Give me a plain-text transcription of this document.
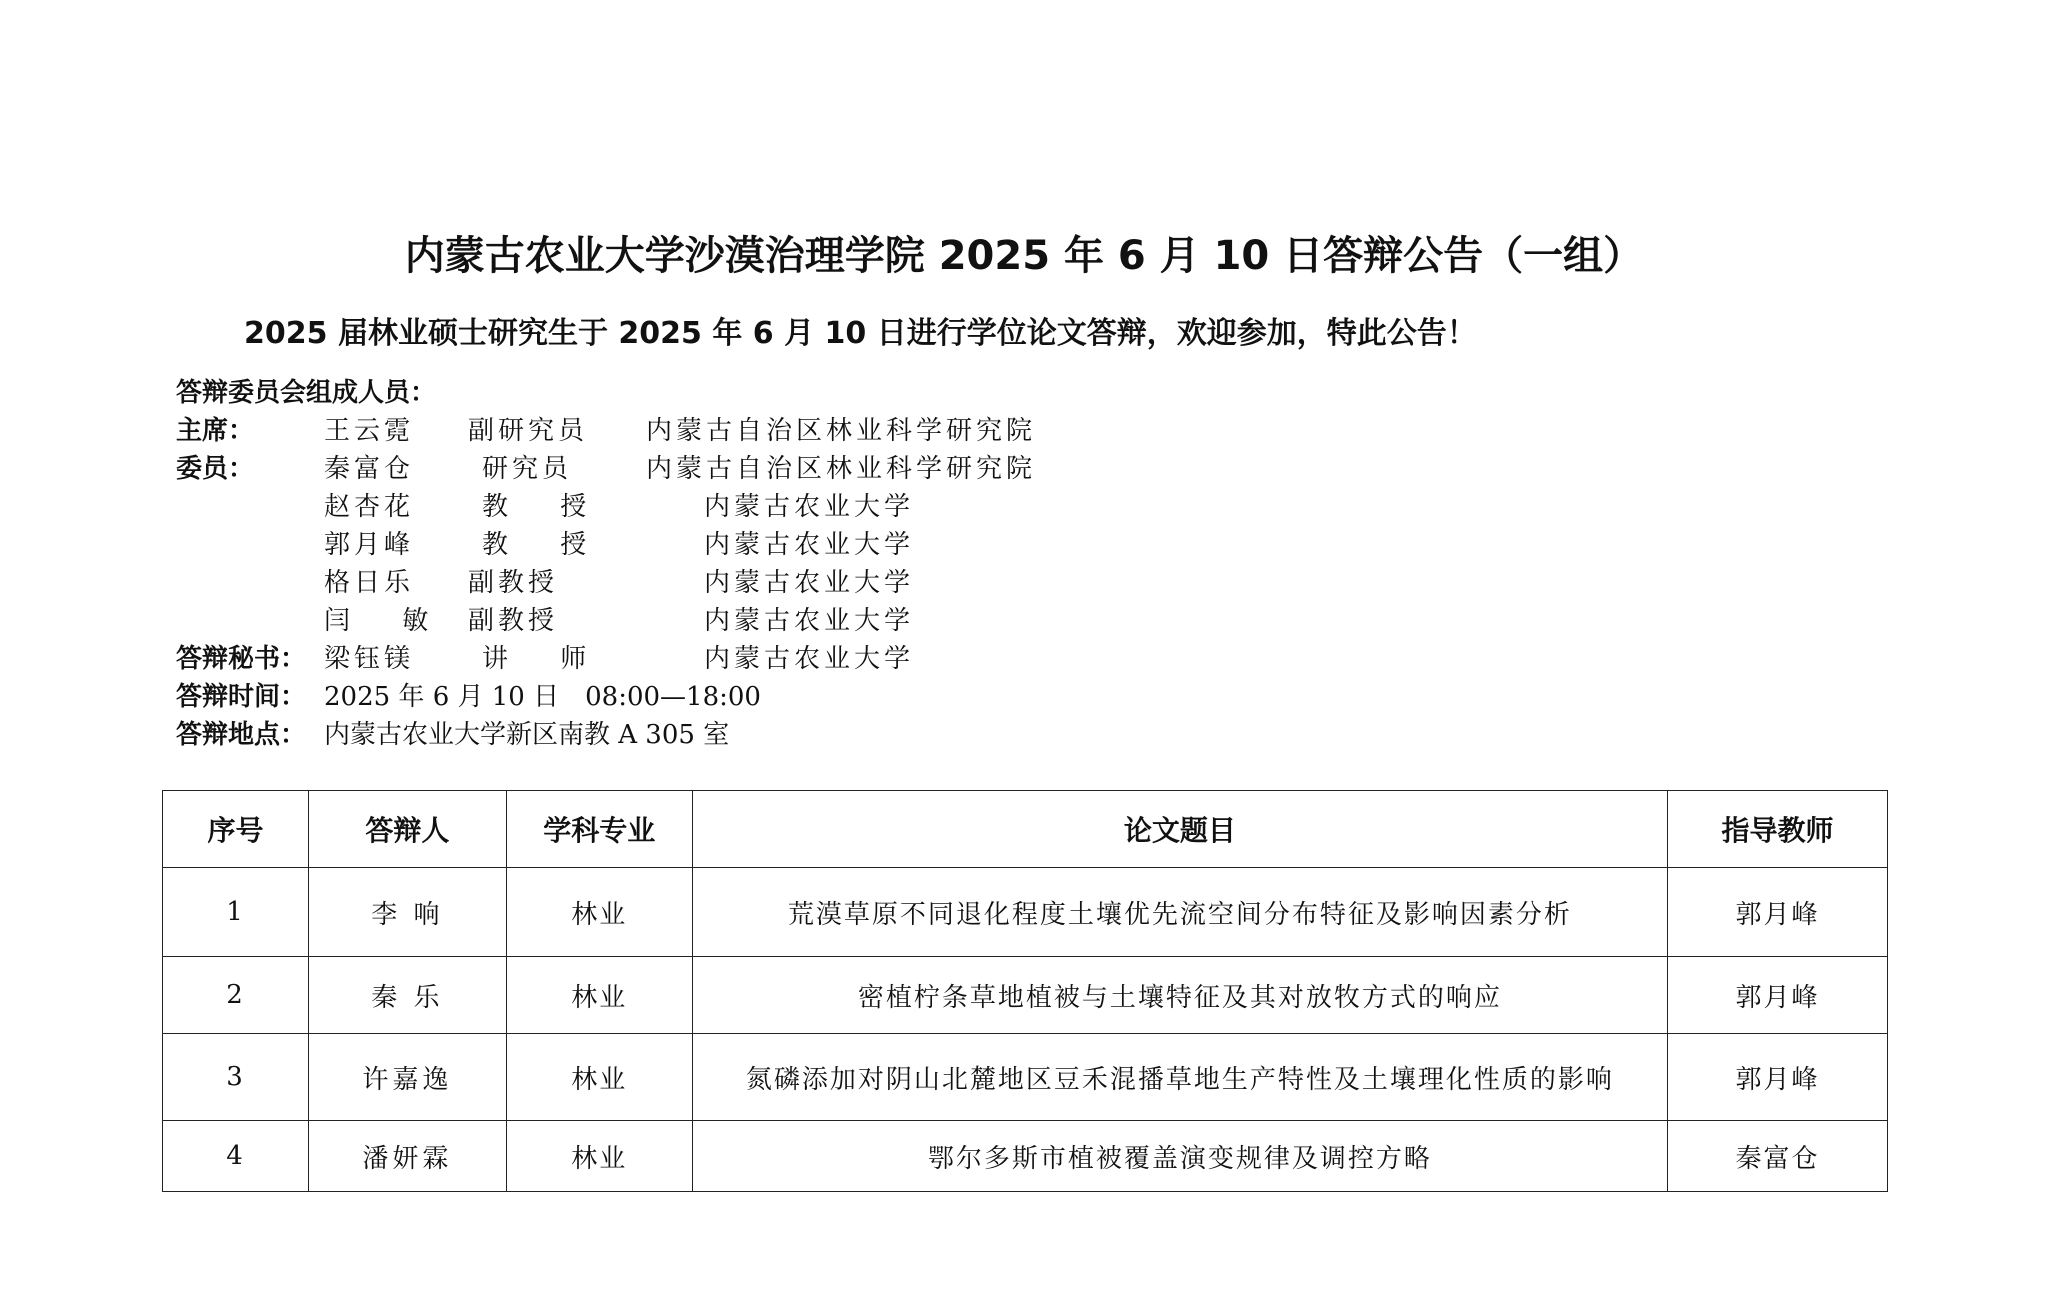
内蒙古农业大学沙漠治理学院 2025 年 6 月 10 日答辩公告（一组）

2025 届林业硕士研究生于 2025 年 6 月 10 日进行学位论文答辩，欢迎参加，特此公告！

答辩委员会组成人员：
主席：	王云霓 副研究员 内蒙古自治区林业科学研究院
委员：	秦富仓	研究员	内蒙古自治区林业科学研究院
赵杏花	教 授	内蒙古农业大学
郭月峰	教 授	内蒙古农业大学
格日乐 副教授	内蒙古农业大学
闫 敏 副教授	内蒙古农业大学
答辩秘书： 梁钰镁	讲 师	内蒙古农业大学
答辩时间： 2025 年 6 月 10 日　08:00—18:00
答辩地点： 内蒙古农业大学新区南教 A 305 室
序号	答辩人	学科专业	论文题目	指导教师
1	李 响	林业	荒漠草原不同退化程度土壤优先流空间分布特征及影响因素分析	郭月峰
2	秦 乐	林业	密植柠条草地植被与土壤特征及其对放牧方式的响应	郭月峰
3	许嘉逸	林业	氮磷添加对阴山北麓地区豆禾混播草地生产特性及土壤理化性质的影响	郭月峰
4	潘妍霖	林业	鄂尔多斯市植被覆盖演变规律及调控方略	秦富仓
